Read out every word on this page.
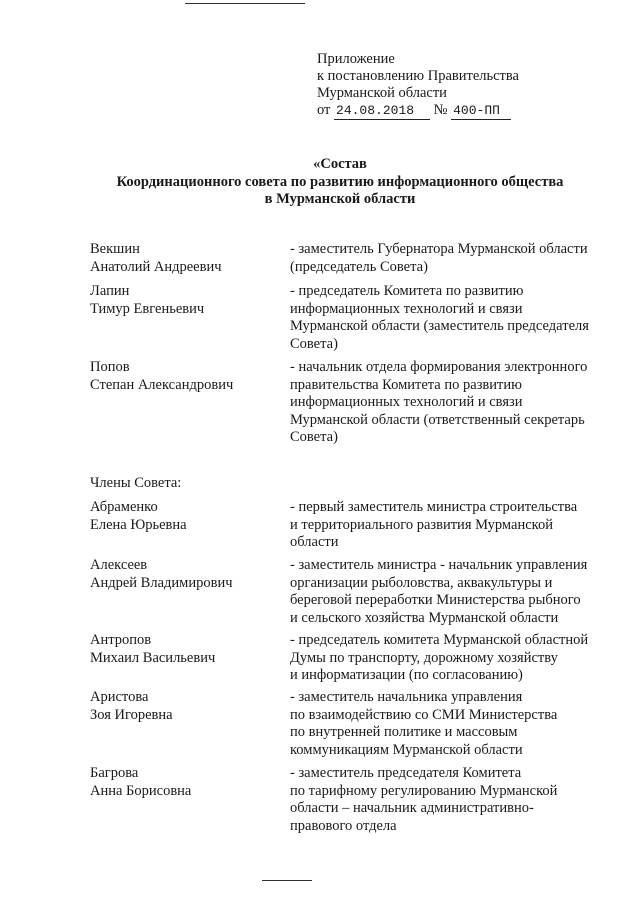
Приложение
к постановлению Правительства
Мурманской области
от 24.08.2018 № 400-ПП
«Состав
Координационного совета по развитию информационного общества
в Мурманской области
Векшин
Анатолий Андреевич
- заместитель Губернатора Мурманской области
(председатель Совета)
Лапин
Тимур Евгеньевич
- председатель Комитета по развитию
информационных технологий и связи
Мурманской области (заместитель председателя
Совета)
Попов
Степан Александрович
- начальник отдела формирования электронного
правительства Комитета по развитию
информационных технологий и связи
Мурманской области (ответственный секретарь
Совета)
Члены Совета:
Абраменко
Елена Юрьевна
- первый заместитель министра строительства
и территориального развития Мурманской
области
Алексеев
Андрей Владимирович
- заместитель министра - начальник управления
организации рыболовства, аквакультуры и
береговой переработки Министерства рыбного
и сельского хозяйства Мурманской области
Антропов
Михаил Васильевич
- председатель комитета Мурманской областной
Думы по транспорту, дорожному хозяйству
и информатизации (по согласованию)
Аристова
Зоя Игоревна
- заместитель начальника управления
по взаимодействию со СМИ Министерства
по внутренней политике и массовым
коммуникациям Мурманской области
Багрова
Анна Борисовна
- заместитель председателя Комитета
по тарифному регулированию Мурманской
области – начальник административно-
правового отдела
